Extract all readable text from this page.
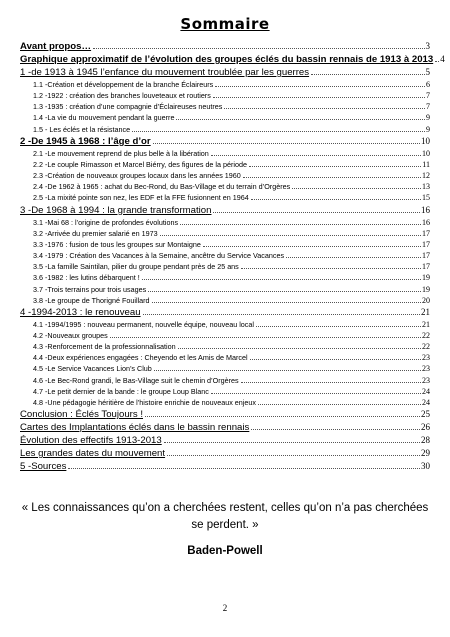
Sommaire
Avant propos…	3
Graphique approximatif de l’évolution des groupes éclés du bassin rennais de 1913 à 2013 4
1 -de 1913 à 1945 l’enfance du mouvement troublée par les guerres	5
1.1 -Création et développement de la branche Éclaireurs	6
1.2 -1922 : création des branches louveteaux et routiers	7
1.3 -1935 : création d’une compagnie d’Éclaireuses neutres	7
1.4 -La vie du mouvement pendant la guerre	9
1.5 - Les éclés et la résistance	9
2 -De 1945 à 1968 : l’âge d’or	10
2.1 -Le mouvement reprend de plus belle à la libération	10
2.2 -Le couple Rimasson et Marcel Biérry, des figures de la période	11
2.3 -Création de nouveaux groupes locaux dans les années 1960	12
2.4 -De 1962 à 1965 : achat du Bec-Rond, du Bas-Village et du terrain d’Orgères	13
2.5 -La mixité pointe son nez, les EDF et la FFE fusionnent en 1964	15
3 -De 1968 à 1994 : la grande transformation	16
3.1 -Mai 68 : l’origine de profondes évolutions	16
3.2 -Arrivée du premier salarié en 1973	17
3.3 -1976 : fusion de tous les groupes sur Montaigne	17
3.4 -1979 : Création des Vacances à la Semaine, ancêtre du Service Vacances	17
3.5 -La famille Saintilan, pilier du groupe pendant près de 25 ans	17
3.6 -1982 : les lutins débarquent !	19
3.7 -Trois terrains pour trois usages	19
3.8 -Le groupe de Thorigné Fouillard	20
4 -1994-2013 : le renouveau	21
4.1 -1994/1995 : nouveau permanent, nouvelle équipe, nouveau local	21
4.2 -Nouveaux groupes	22
4.3 -Renforcement de la professionnalisation	22
4.4 -Deux expériences engagées : Cheyendo et les Amis de Marcel	23
4.5 -Le Service Vacances Lion’s Club	23
4.6 -Le Bec-Rond grandi, le Bas-Village suit le chemin d’Orgères	23
4.7 -Le petit dernier de la bande : le groupe Loup Blanc	24
4.8 -Une pédagogie héritière de l’histoire enrichie de nouveaux enjeux	24
Conclusion : Éclés Toujours !	25
Cartes des Implantations éclés dans le bassin rennais	26
Évolution des effectifs 1913-2013	28
Les grandes dates du mouvement	29
5 -Sources	30
« Les connaissances qu’on a cherchées restent, celles qu’on n’a pas cherchées se perdent. »
Baden-Powell
2
